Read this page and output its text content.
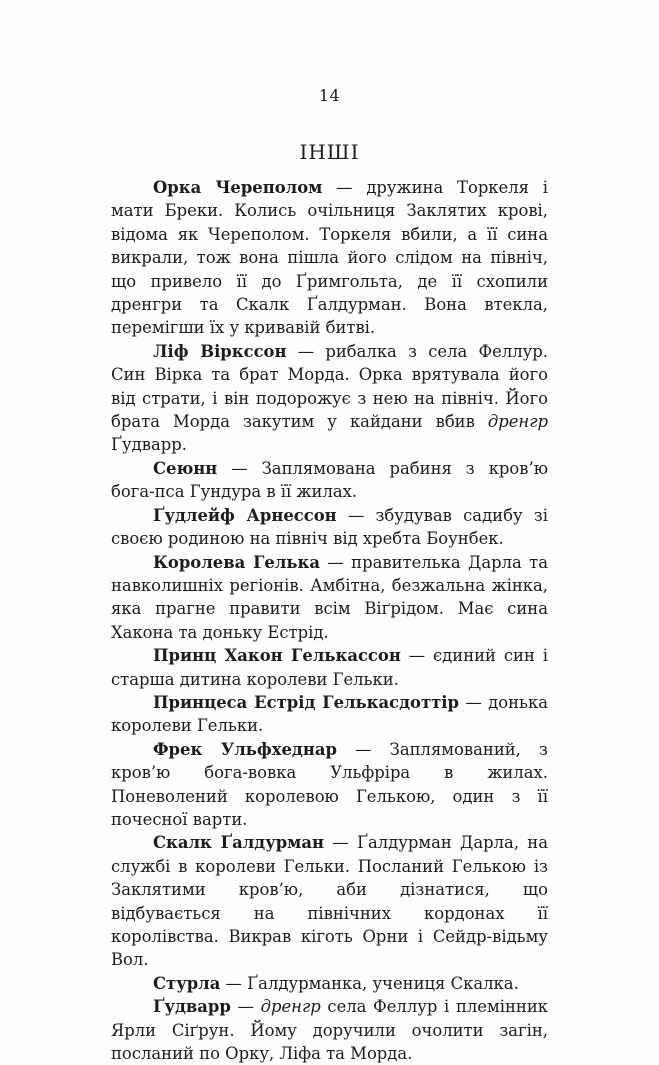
14
ІНШІ

Орка Черепoлом — дружина Торкеля і мати Бреки. Колись очільниця Заклятих крові, відома як Череполом. Торкеля вбили, а її сина викрали, тож вона пішла його слідом на північ, що привело її до Ґримгольта, де її схопили дренгри та Скалк Ґалдурман. Вона втекла, перемігши їх у кривавій битві.

Ліф Віркссон — рибалка з села Феллур. Син Вірка та брат Морда. Орка врятувала його від страти, і він подорожує з нею на північ. Його брата Морда закутим у кайдани вбив дренгр Ґудварр.

Сеюнн — Заплямована рабиня з кров’ю бога-пса Гундура в її жилах.

Ґудлейф Арнессон — збудував садибу зі своєю родиною на північ від хребта Боунбек.

Королева Гелька — правителька Дарла та навколишніх регіонів. Амбітна, безжальна жінка, яка прагне правити всім Віґрідом. Має сина Хакона та доньку Естрід.

Принц Хакон Гелькассон — єдиний син і старша дитина королеви Гельки.

Принцеса Естрід Гелькасдоттір — донька королеви Гельки.

Фрек Ульфхеднар — Заплямований, з кров’ю бога-вовка Ульфріра в жилах. Поневолений королевою Гелькою, один з її почесної варти.

Скалк Ґалдурман — Ґалдурман Дарла, на службі в королеви Гельки. Посланий Гелькою із Заклятими кров’ю, аби дізнатися, що відбувається на північних кордонах її королівства. Викрав кіготь Орни і Сейдр-відьму Вол.

Стурла — Ґалдурманка, учениця Скалка.

Ґудварр — дренгр села Феллур і племінник Ярли Сіґрун. Йому доручили очолити загін, посланий по Орку, Ліфа та Морда.
